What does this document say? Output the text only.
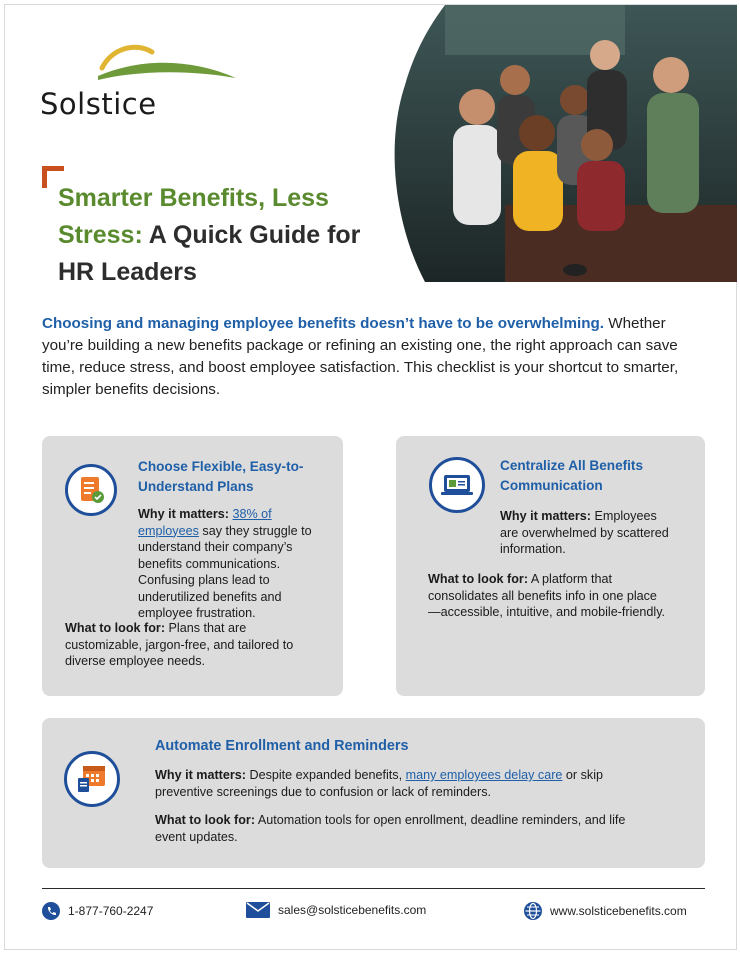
Solstice
Smarter Benefits, Less Stress: A Quick Guide for HR Leaders
Choosing and managing employee benefits doesn’t have to be overwhelming. Whether you’re building a new benefits package or refining an existing one, the right approach can save time, reduce stress, and boost employee satisfaction. This checklist is your shortcut to smarter, simpler benefits decisions.
Choose Flexible, Easy-to-Understand Plans
Why it matters: 38% of employees say they struggle to understand their company’s benefits communications. Confusing plans lead to underutilized benefits and employee frustration.
What to look for: Plans that are customizable, jargon-free, and tailored to diverse employee needs.
Centralize All Benefits Communication
Why it matters: Employees are overwhelmed by scattered information.
What to look for: A platform that consolidates all benefits info in one place—accessible, intuitive, and mobile-friendly.
Automate Enrollment and Reminders
Why it matters: Despite expanded benefits, many employees delay care or skip preventive screenings due to confusion or lack of reminders.
What to look for: Automation tools for open enrollment, deadline reminders, and life event updates.
1-877-760-2247	sales@solsticebenefits.com	www.solsticebenefits.com
